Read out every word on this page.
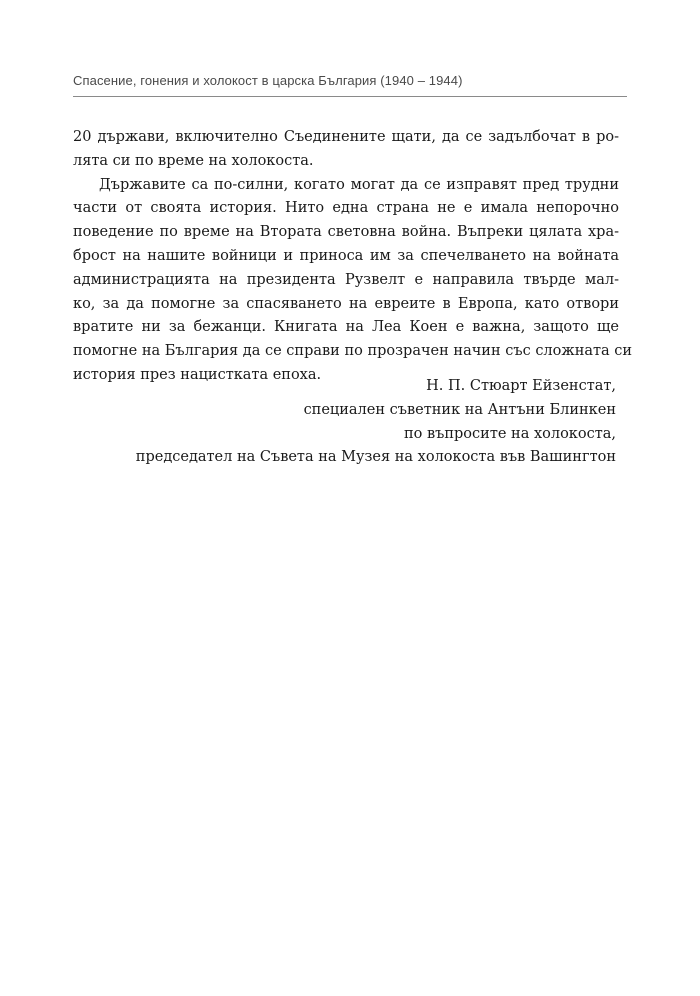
Спасение, гонения и холокост в царска България (1940 – 1944)
20 държави, включително Съединените щати, да се задълбочат в ро-
лята си по време на холокоста.
Държавите са по-силни, когато могат да се изправят пред трудни
части от своята история. Нито една страна не е имала непорочно
поведение по време на Втората световна война. Въпреки цялата хра-
брост на нашите войници и приноса им за спечелването на войната
администрацията на президента Рузвелт е направила твърде мал-
ко, за да помогне за спасяването на евреите в Европа, като отвори
вратите ни за бежанци. Книгата на Леа Коен е важна, защото ще
помогне на България да се справи по прозрачен начин със сложната си
история през нацистката епоха.
Н. П. Стюарт Ейзенстат,
специален съветник на Антъни Блинкен
по въпросите на холокоста,
председател на Съвета на Музея на холокоста във Вашингтон
